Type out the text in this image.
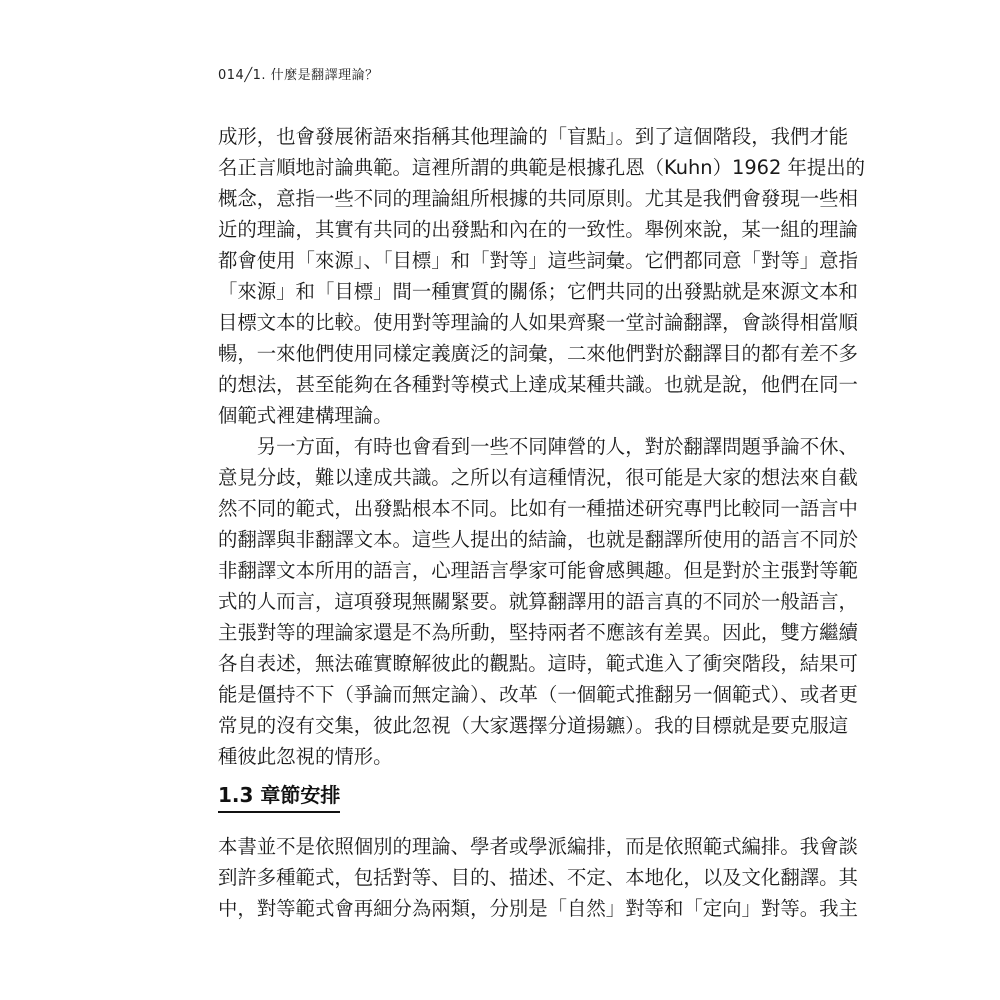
014╱1. 什麼是翻譯理論？
成形，也會發展術語來指稱其他理論的「盲點」。到了這個階段，我們才能
名正言順地討論典範。這裡所謂的典範是根據孔恩（Kuhn）1962 年提出的
概念，意指一些不同的理論組所根據的共同原則。尤其是我們會發現一些相
近的理論，其實有共同的出發點和內在的一致性。舉例來說，某一組的理論
都會使用「來源」、「目標」和「對等」這些詞彙。它們都同意「對等」意指
「來源」和「目標」間一種實質的關係；它們共同的出發點就是來源文本和
目標文本的比較。使用對等理論的人如果齊聚一堂討論翻譯，會談得相當順
暢，一來他們使用同樣定義廣泛的詞彙，二來他們對於翻譯目的都有差不多
的想法，甚至能夠在各種對等模式上達成某種共識。也就是說，他們在同一
個範式裡建構理論。
　　另一方面，有時也會看到一些不同陣營的人，對於翻譯問題爭論不休、
意見分歧，難以達成共識。之所以有這種情況，很可能是大家的想法來自截
然不同的範式，出發點根本不同。比如有一種描述研究專門比較同一語言中
的翻譯與非翻譯文本。這些人提出的結論，也就是翻譯所使用的語言不同於
非翻譯文本所用的語言，心理語言學家可能會感興趣。但是對於主張對等範
式的人而言，這項發現無關緊要。就算翻譯用的語言真的不同於一般語言，
主張對等的理論家還是不為所動，堅持兩者不應該有差異。因此，雙方繼續
各自表述，無法確實瞭解彼此的觀點。這時，範式進入了衝突階段，結果可
能是僵持不下（爭論而無定論）、改革（一個範式推翻另一個範式）、或者更
常見的沒有交集，彼此忽視（大家選擇分道揚鑣）。我的目標就是要克服這
種彼此忽視的情形。
1.3 章節安排
本書並不是依照個別的理論、學者或學派編排，而是依照範式編排。我會談
到許多種範式，包括對等、目的、描述、不定、本地化，以及文化翻譯。其
中，對等範式會再細分為兩類，分別是「自然」對等和「定向」對等。我主
